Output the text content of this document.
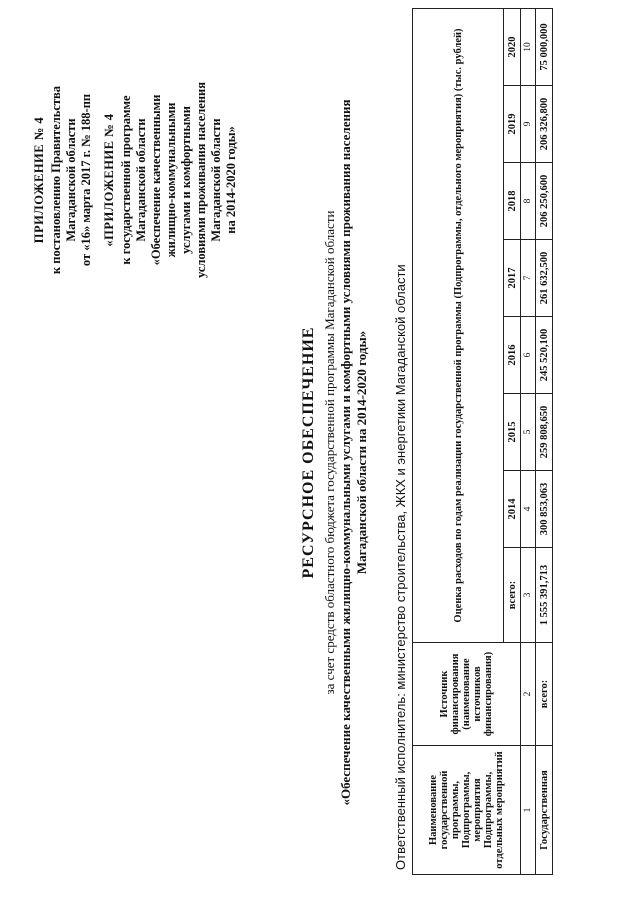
ПРИЛОЖЕНИЕ № 4 к постановлению Правительства Магаданской области от «16» марта 2017 г. № 188-пп «ПРИЛОЖЕНИЕ № 4 к государственной программе Магаданской области «Обеспечение качественными жилищно-коммунальными услугами и комфортными условиями проживания населения Магаданской области на 2014-2020 годы»
РЕСУРСНОЕ ОБЕСПЕЧЕНИЕ за счет средств областного бюджета государственной программы Магаданской области «Обеспечение качественными жилищно-коммунальными услугами и комфортными условиями проживания населения Магаданской области на 2014-2020 годы» Ответственный исполнитель: министерство строительства, ЖКХ и энергетики Магаданской области Наименование государственной программы, Подпрограммы, мероприятия Подпрограммы, отдельных мероприятий	Источник финансирования (наименование источников финансирования)	Оценка расходов по годам реализации государственной программы (Подпрограммы, отдельного мероприятия) (тыс. рублей)							
		всего:	2014	2015	2016	2017	2018	2019	2020
1	2	3	4	5	6	7	8	9	10
Государственная	всего:	1 555 391,713	300 853,063	259 808,650	245 520,100	261 632,500	206 250,600	206 326,800	75 000,000
